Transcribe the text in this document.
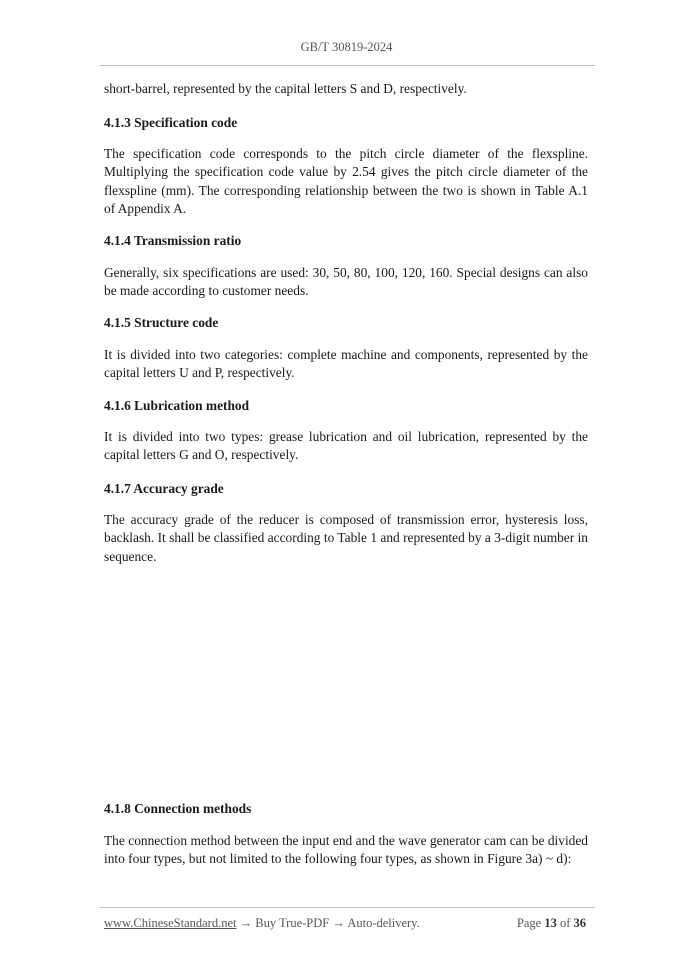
GB/T 30819-2024
short-barrel, represented by the capital letters S and D, respectively.
4.1.3 Specification code
The specification code corresponds to the pitch circle diameter of the flexspline. Multiplying the specification code value by 2.54 gives the pitch circle diameter of the flexspline (mm). The corresponding relationship between the two is shown in Table A.1 of Appendix A.
4.1.4 Transmission ratio
Generally, six specifications are used: 30, 50, 80, 100, 120, 160. Special designs can also be made according to customer needs.
4.1.5 Structure code
It is divided into two categories: complete machine and components, represented by the capital letters U and P, respectively.
4.1.6 Lubrication method
It is divided into two types: grease lubrication and oil lubrication, represented by the capital letters G and O, respectively.
4.1.7 Accuracy grade
The accuracy grade of the reducer is composed of transmission error, hysteresis loss, backlash. It shall be classified according to Table 1 and represented by a 3-digit number in sequence.
4.1.8 Connection methods
The connection method between the input end and the wave generator cam can be divided into four types, but not limited to the following four types, as shown in Figure 3a) ~ d):
www.ChineseStandard.net → Buy True-PDF → Auto-delivery.	Page 13 of 36
